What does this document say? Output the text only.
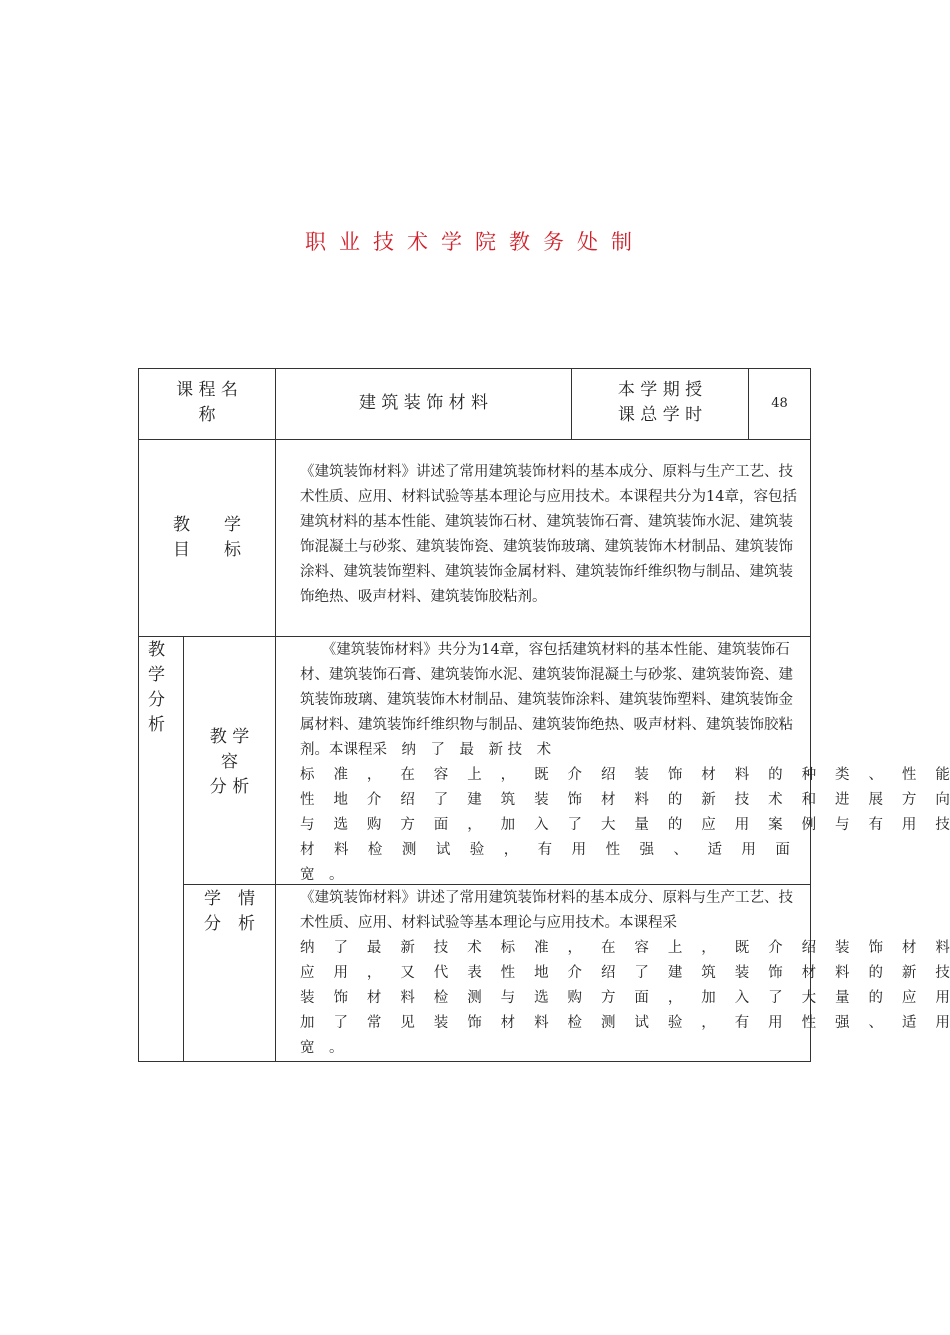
职业技术学院教务处制
课 程 名
称
建 筑 装 饰 材 料
本 学 期 授
课 总 学 时
48
教　　学
目　　标
《建筑装饰材料》讲述了常用建筑装饰材料的基本成分、原料与生产工艺、技术性质、应用、材料试验等基本理论与应用技术。本课程共分为14章，容包括建筑材料的基本性能、建筑装饰石材、建筑装饰石膏、建筑装饰水泥、建筑装饰混凝土与砂浆、建筑装饰瓷、建筑装饰玻璃、建筑装饰木材制品、建筑装饰涂料、建筑装饰塑料、建筑装饰金属材料、建筑装饰纤维织物与制品、建筑装饰绝热、吸声材料、建筑装饰胶粘剂。
教
学
分
析
教 学
容
分 析
　　《建筑装饰材料》共分为14章，容包括建筑材料的基本性能、建筑装饰石材、建筑装饰石膏、建筑装饰水泥、建筑装饰混凝土与砂浆、建筑装饰瓷、建筑装饰玻璃、建筑装饰木材制品、建筑装饰涂料、建筑装饰塑料、建筑装饰金属材料、建筑装饰纤维织物与制品、建筑装饰绝热、吸声材料、建筑装饰胶粘剂。本课程采　纳　了　最　新 技　术
标 准 ， 在 容 上 ， 既 介 绍 装 饰 材 料 的 种 类 、 性 能
性 地 介 绍 了 建 筑 装 饰 材 料 的 新 技 术 和 进 展 方 向
与 选 购 方 面 ， 加 入 了 大 量 的 应 用 案 例 与 有 用 技
材 料 检 测 试 验 ， 有 用 性 强 、 适 用 面
宽　。
学　情
分　析
《建筑装饰材料》讲述了常用建筑装饰材料的基本成分、原料与生产工艺、技术性质、应用、材料试验等基本理论与应用技术。本课程采
纳 了 最 新 技 术 标 准 ， 在 容 上 ， 既 介 绍 装 饰 材 料
应 用 ， 又 代 表 性 地 介 绍 了 建 筑 装 饰 材 料 的 新 技
装 饰 材 料 检 测 与 选 购 方 面 ， 加 入 了 大 量 的 应 用
加 了 常 见 装 饰 材 料 检 测 试 验 ， 有 用 性 强 、 适 用
宽　。
